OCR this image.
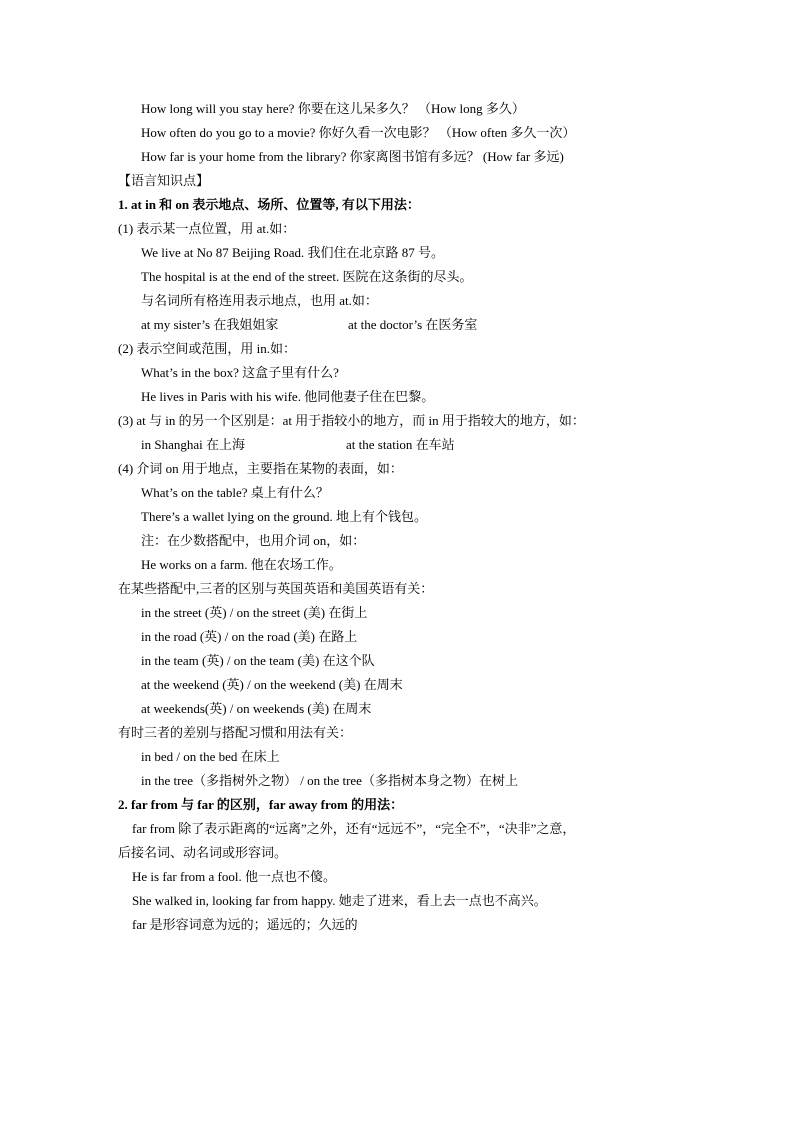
How long will you stay here? 你要在这儿呆多久？ （How long 多久）
How often do you go to a movie? 你好久看一次电影？ （How often 多久一次）
How far is your home from the library? 你家离图书馆有多远？ (How far 多远)
【语言知识点】
1. at in 和 on 表示地点、场所、位置等, 有以下用法：
(1) 表示某一点位置，用 at.如：
We live at No 87 Beijing Road. 我们住在北京路 87 号。
The hospital is at the end of the street. 医院在这条街的尽头。
与名词所有格连用表示地点，也用 at.如：
at my sister’s 在我姐姐家	at the doctor’s 在医务室
(2) 表示空间或范围，用 in.如：
What’s in the box? 这盒子里有什么?
He lives in Paris with his wife. 他同他妻子住在巴黎。
(3) at 与 in 的另一个区别是：at 用于指较小的地方，而 in 用于指较大的地方，如：
in Shanghai 在上海	at the station 在车站
(4) 介词 on 用于地点，主要指在某物的表面，如：
What’s on the table? 桌上有什么？
There’s a wallet lying on the ground. 地上有个钱包。
注：在少数搭配中，也用介词 on，如：
He works on a farm. 他在农场工作。
在某些搭配中,三者的区别与英国英语和美国英语有关：
in the street (英) / on the street (美) 在街上
in the road (英) / on the road (美) 在路上
in the team (英) / on the team (美) 在这个队
at the weekend (英) / on the weekend (美) 在周末
at weekends(英) / on weekends (美) 在周末
有时三者的差别与搭配习惯和用法有关：
in bed / on the bed 在床上
in the tree（多指树外之物） / on the tree（多指树本身之物）在树上
2. far from 与 far 的区别，far away from 的用法：
far from 除了表示距离的“远离”之外，还有“远远不”，“完全不”，“决非”之意，
后接名词、动名词或形容词。
He is far from a fool. 他一点也不傻。
She walked in, looking far from happy. 她走了进来，看上去一点也不高兴。
far 是形容词意为远的；遥远的；久远的
